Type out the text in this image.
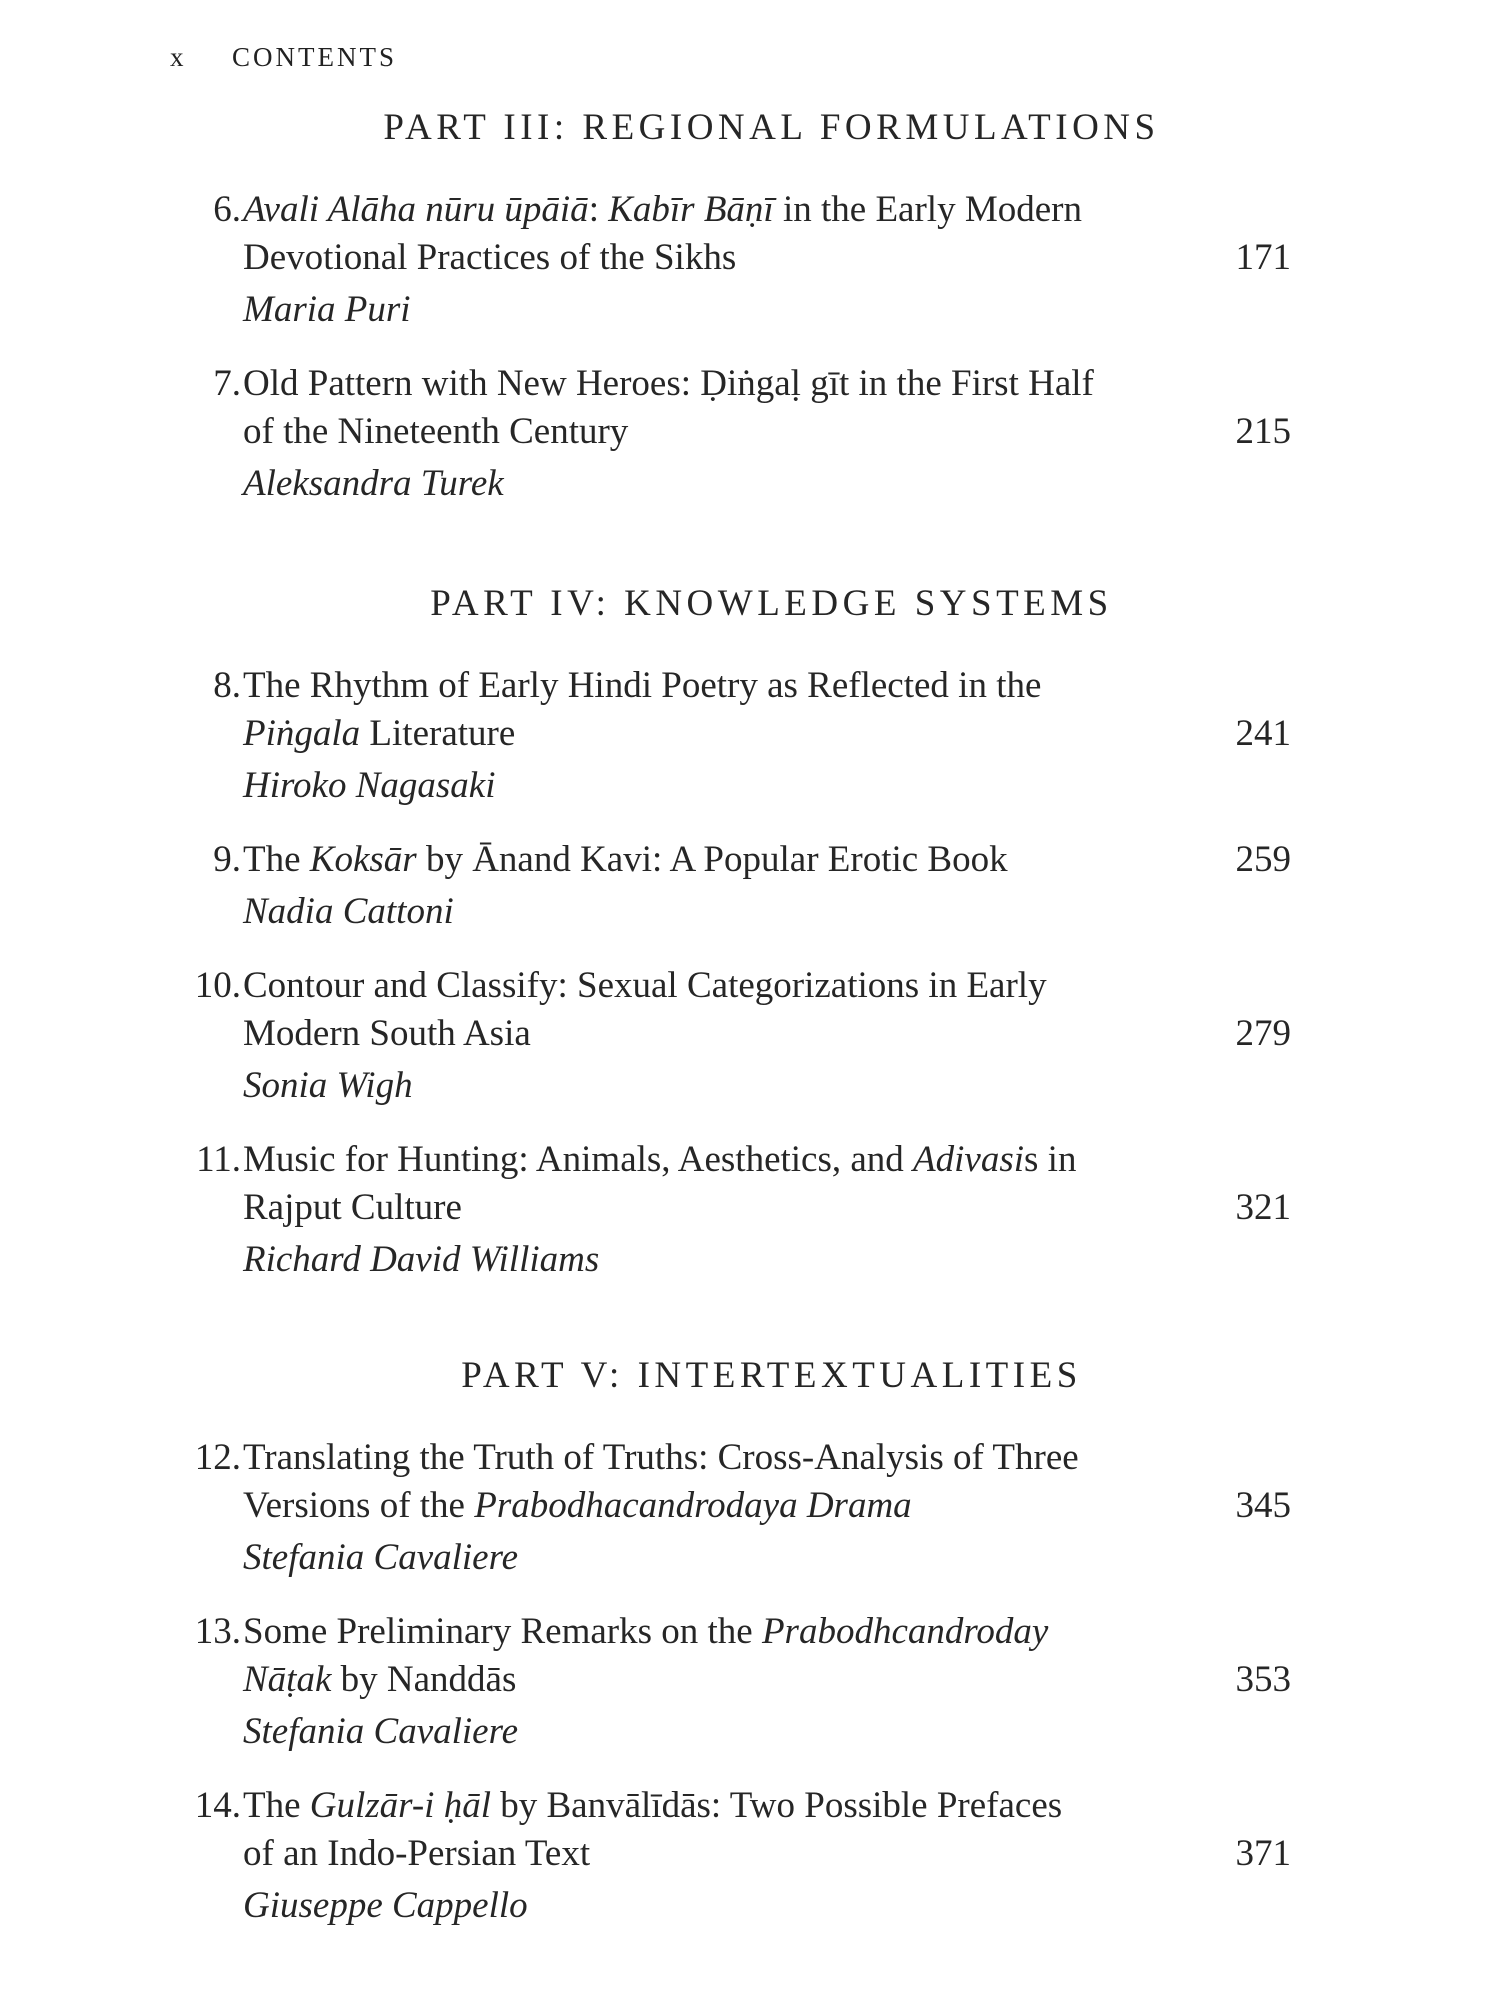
x CONTENTS
PART III: REGIONAL FORMULATIONS
6. Avali Alāha nūru ūpāiā: Kabīr Bāṇī in the Early Modern
Devotional Practices of the Sikhs	171
Maria Puri
7. Old Pattern with New Heroes: Ḍiṅgaḷ gīt in the First Half
of the Nineteenth Century	215
Aleksandra Turek
PART IV: KNOWLEDGE SYSTEMS
8. The Rhythm of Early Hindi Poetry as Reflected in the
Piṅgala Literature	241
Hiroko Nagasaki
9. The Koksār by Ānand Kavi: A Popular Erotic Book	259
Nadia Cattoni
10. Contour and Classify: Sexual Categorizations in Early
Modern South Asia	279
Sonia Wigh
11. Music for Hunting: Animals, Aesthetics, and Adivasis in
Rajput Culture	321
Richard David Williams
PART V: INTERTEXTUALITIES
12. Translating the Truth of Truths: Cross-Analysis of Three
Versions of the Prabodhacandrodaya Drama	345
Stefania Cavaliere
13. Some Preliminary Remarks on the Prabodhcandroday
Nāṭak by Nanddās	353
Stefania Cavaliere
14. The Gulzār-i ḥāl by Banvālīdās: Two Possible Prefaces
of an Indo-Persian Text	371
Giuseppe Cappello
